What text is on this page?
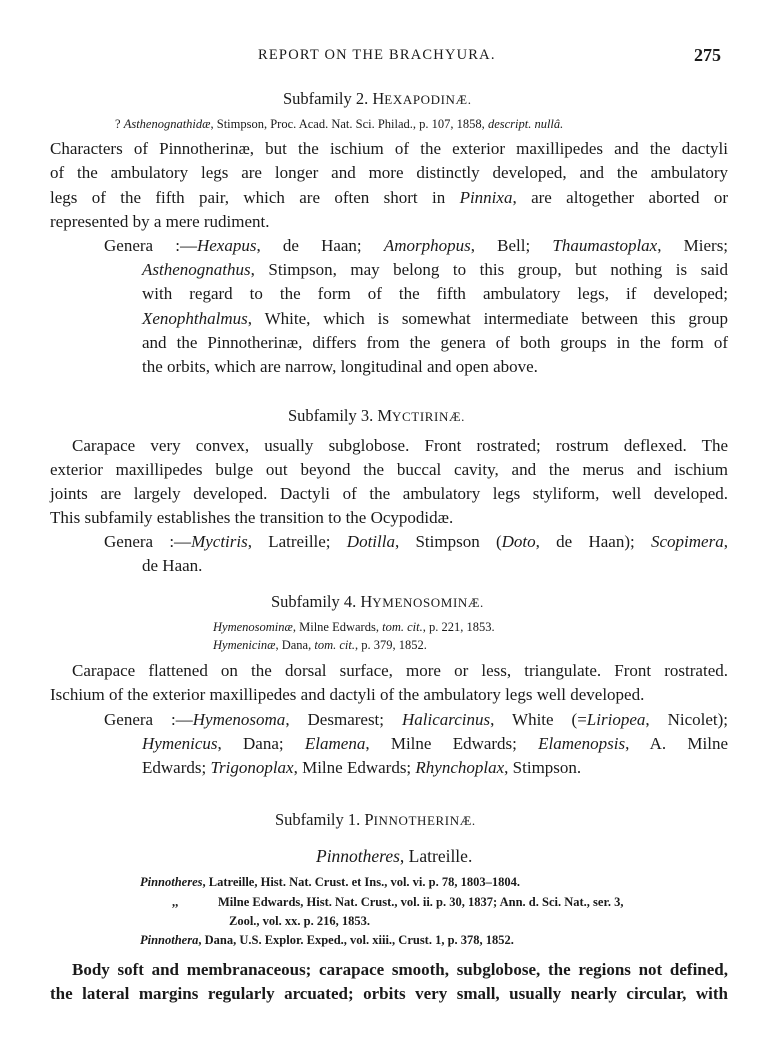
REPORT ON THE BRACHYURA.	275
Subfamily 2. HEXAPODINÆ.
? Asthenognathidæ, Stimpson, Proc. Acad. Nat. Sci. Philad., p. 107, 1858, descript. nullâ.
Characters of Pinnotherinæ, but the ischium of the exterior maxillipedes and the dactyli
of the ambulatory legs are longer and more distinctly developed, and the ambulatory
legs of the fifth pair, which are often short in Pinnixa, are altogether aborted or
represented by a mere rudiment.
Genera :—Hexapus, de Haan; Amorphopus, Bell; Thaumastoplax, Miers;
Asthenognathus, Stimpson, may belong to this group, but nothing is said
with regard to the form of the fifth ambulatory legs, if developed;
Xenophthalmus, White, which is somewhat intermediate between this group
and the Pinnotherinæ, differs from the genera of both groups in the form of
the orbits, which are narrow, longitudinal and open above.
Subfamily 3. MYCTIRINÆ.
Carapace very convex, usually subglobose. Front rostrated; rostrum deflexed. The
exterior maxillipedes bulge out beyond the buccal cavity, and the merus and ischium
joints are largely developed. Dactyli of the ambulatory legs styliform, well developed.
This subfamily establishes the transition to the Ocypodidæ.
Genera :—Myctiris, Latreille; Dotilla, Stimpson (Doto, de Haan); Scopimera,
de Haan.
Subfamily 4. HYMENOSOMINÆ.
Hymenosominæ, Milne Edwards, tom. cit., p. 221, 1853.
Hymenicinæ, Dana, tom. cit., p. 379, 1852.
Carapace flattened on the dorsal surface, more or less, triangulate. Front rostrated.
Ischium of the exterior maxillipedes and dactyli of the ambulatory legs well developed.
Genera :—Hymenosoma, Desmarest; Halicarcinus, White (=Liriopea, Nicolet);
Hymenicus, Dana; Elamena, Milne Edwards; Elamenopsis, A. Milne
Edwards; Trigonoplax, Milne Edwards; Rhynchoplax, Stimpson.
Subfamily 1. PINNOTHERINÆ.
Pinnotheres, Latreille.
Pinnotheres, Latreille, Hist. Nat. Crust. et Ins., vol. vi. p. 78, 1803–1804.
,,	Milne Edwards, Hist. Nat. Crust., vol. ii. p. 30, 1837; Ann. d. Sci. Nat., ser. 3,
Zool., vol. xx. p. 216, 1853.
Pinnothera, Dana, U.S. Explor. Exped., vol. xiii., Crust. 1, p. 378, 1852.
Body soft and membranaceous; carapace smooth, subglobose, the regions not defined,
the lateral margins regularly arcuated; orbits very small, usually nearly circular, with
